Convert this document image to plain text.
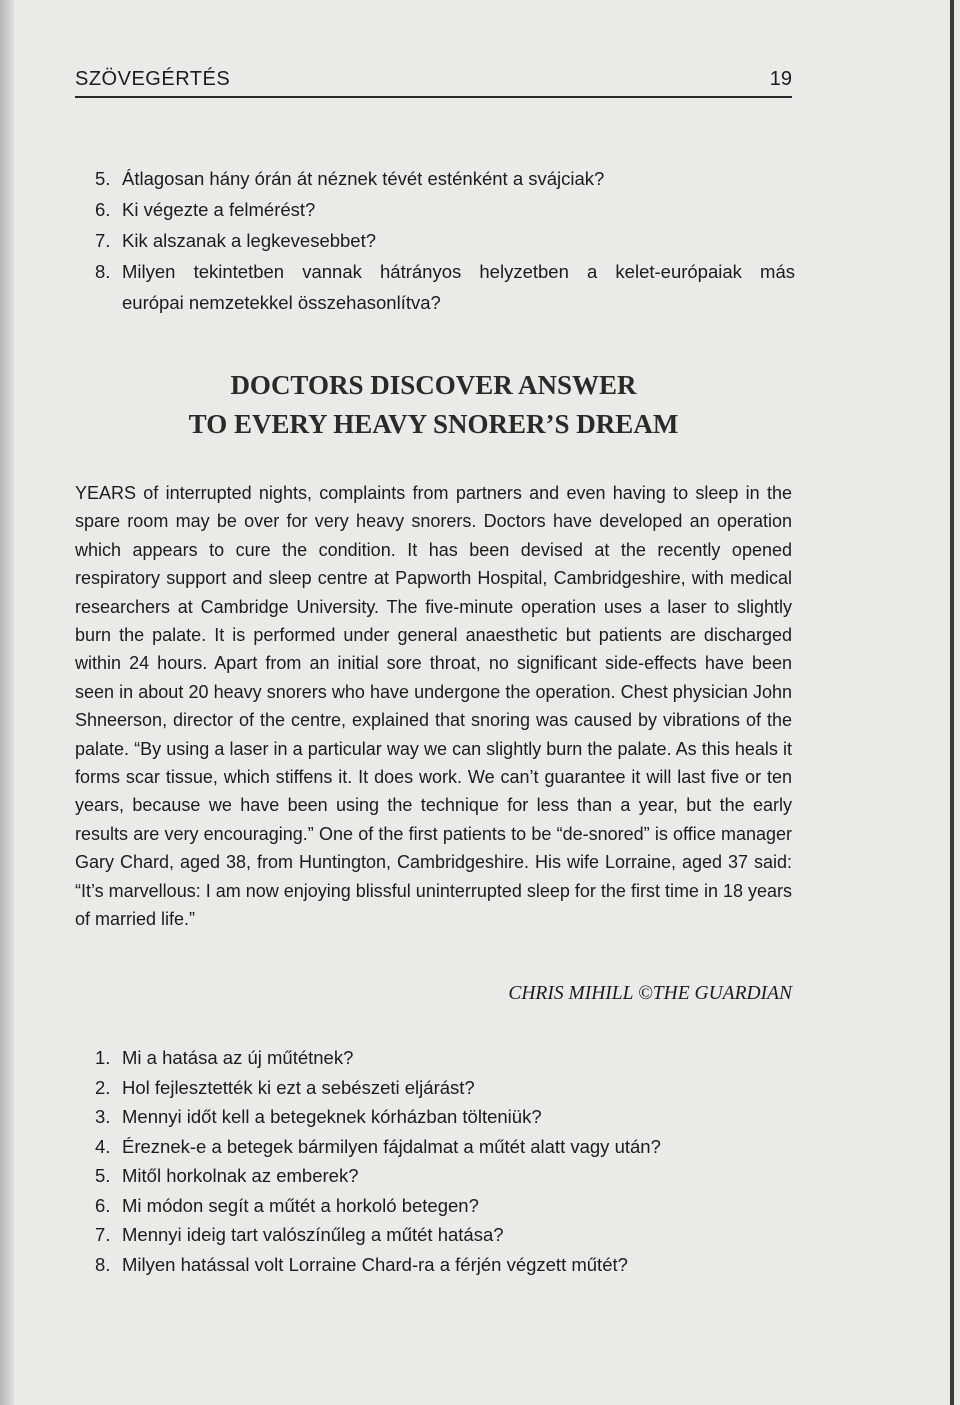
SZÖVEGÉRTÉS	19
5. Átlagosan hány órán át néznek tévét esténként a svájciak?
6. Ki végezte a felmérést?
7. Kik alszanak a legkevesebbet?
8. Milyen tekintetben vannak hátrányos helyzetben a kelet-európaiak más
európai nemzetekkel összehasonlítva?
DOCTORS DISCOVER ANSWER
TO EVERY HEAVY SNORER’S DREAM

YEARS of interrupted nights, complaints from partners and even having to sleep in the spare room may be over for very heavy snorers. Doctors have developed an operation which appears to cure the condition. It has been devised at the recently opened respiratory support and sleep centre at Papworth Hospital, Cambridgeshire, with medical researchers at Cambridge University. The five-minute operation uses a laser to slightly burn the palate. It is performed under general anaesthetic but patients are discharged within 24 hours. Apart from an initial sore throat, no significant side-effects have been seen in about 20 heavy snorers who have undergone the operation. Chest physician John Shneerson, director of the centre, explained that snoring was caused by vibrations of the palate. “By using a laser in a particular way we can slightly burn the palate. As this heals it forms scar tissue, which stiffens it. It does work. We can’t guarantee it will last five or ten years, because we have been using the technique for less than a year, but the early results are very encouraging.” One of the first patients to be “de-snored” is office manager Gary Chard, aged 38, from Huntington, Cambridgeshire. His wife Lorraine, aged 37 said: “It’s marvellous: I am now enjoying blissful uninterrupted sleep for the first time in 18 years of married life.”

CHRIS MIHILL ©THE GUARDIAN
1. Mi a hatása az új műtétnek?
2. Hol fejlesztették ki ezt a sebészeti eljárást?
3. Mennyi időt kell a betegeknek kórházban tölteniük?
4. Éreznek-e a betegek bármilyen fájdalmat a műtét alatt vagy után?
5. Mitől horkolnak az emberek?
6. Mi módon segít a műtét a horkoló betegen?
7. Mennyi ideig tart valószínűleg a műtét hatása?
8. Milyen hatással volt Lorraine Chard-ra a férjén végzett műtét?
